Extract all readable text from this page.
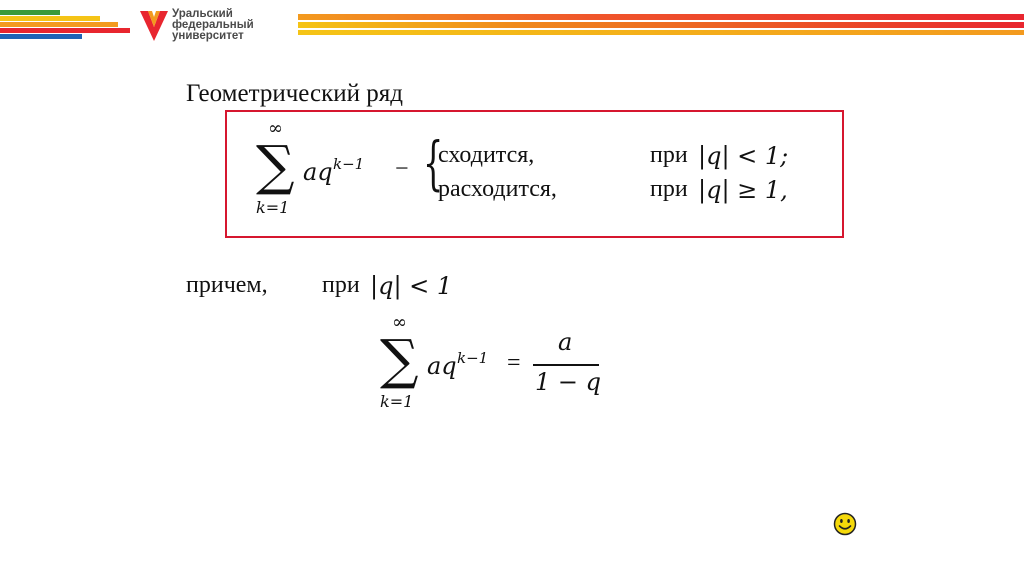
Уральский
федеральный
университет
Геометрический ряд
∞
∑
k=1
aq k−1 − {
сходится,	при |q| < 1;
расходится,	при |q| ≥ 1,
причем, при |q| < 1
∞
∑
k=1
aq k−1 =
a
1 − q
